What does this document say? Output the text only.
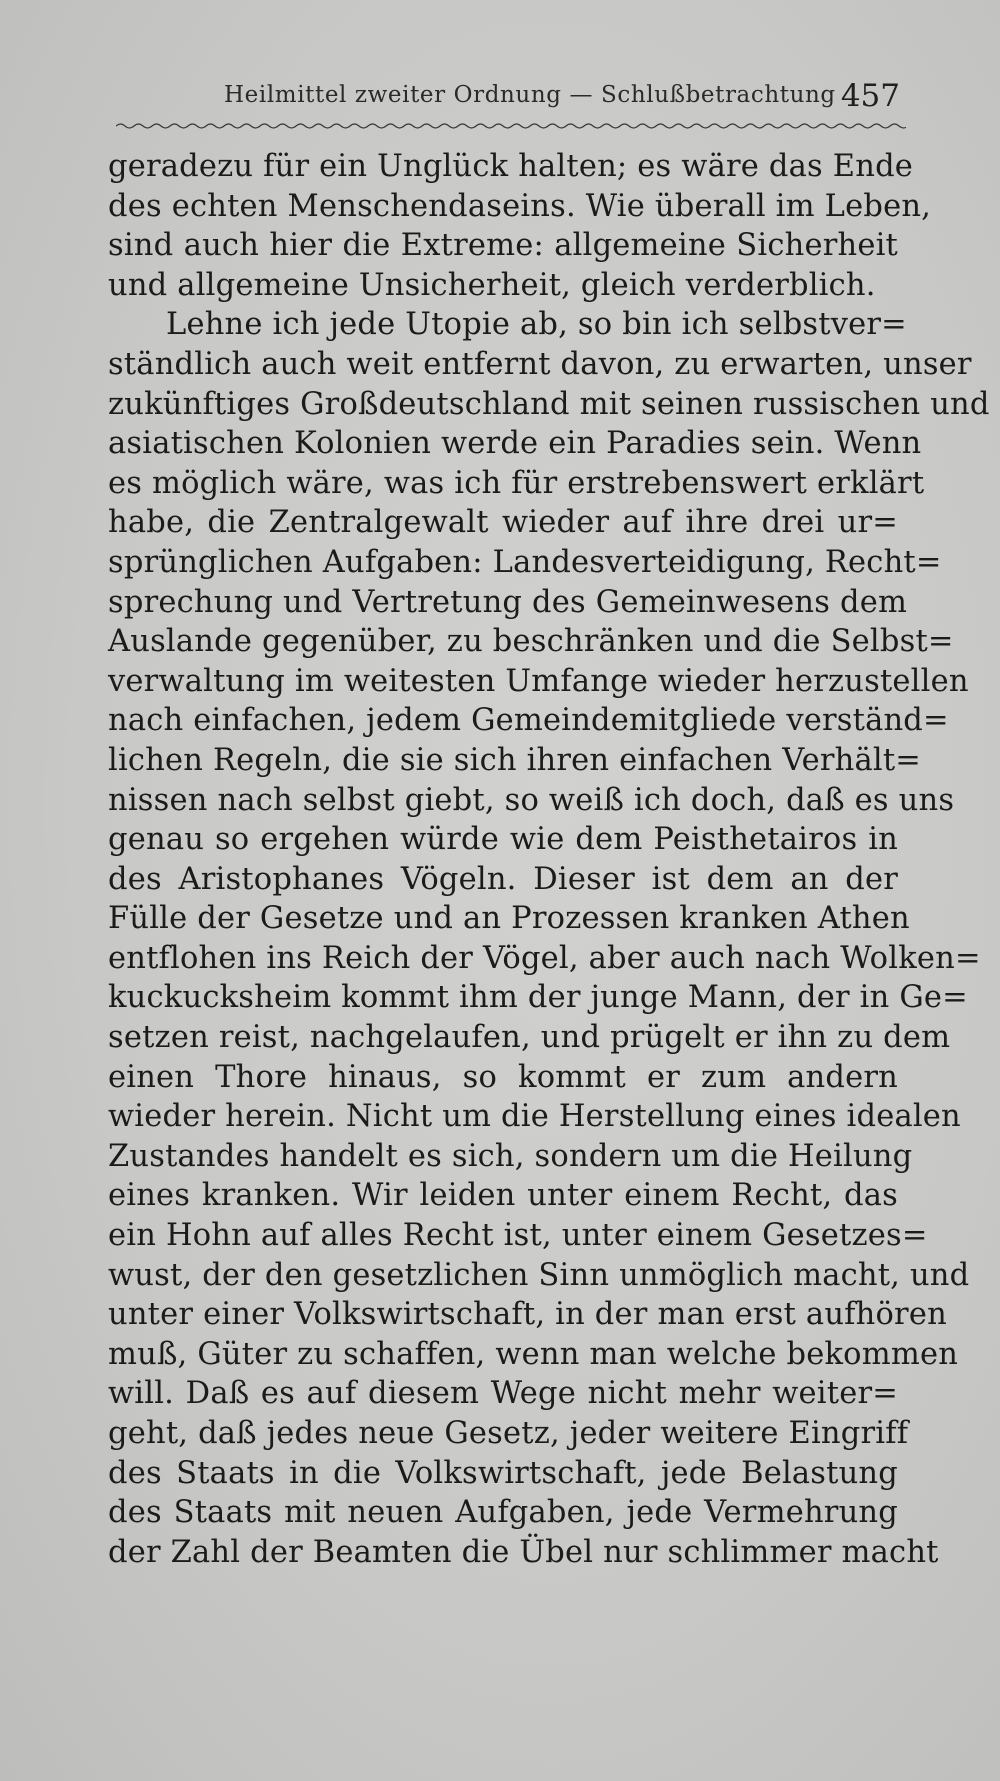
Heilmittel zweiter Ordnung — Schlußbetrachtung 457
geradezu für ein Unglück halten; es wäre das Ende
des echten Menschendaseins. Wie überall im Leben,
sind auch hier die Extreme: allgemeine Sicherheit
und allgemeine Unsicherheit, gleich verderblich.
Lehne ich jede Utopie ab, so bin ich selbstver=
ständlich auch weit entfernt davon, zu erwarten, unser
zukünftiges Großdeutschland mit seinen russischen und
asiatischen Kolonien werde ein Paradies sein. Wenn
es möglich wäre, was ich für erstrebenswert erklärt
habe, die Zentralgewalt wieder auf ihre drei ur=
sprünglichen Aufgaben: Landesverteidigung, Recht=
sprechung und Vertretung des Gemeinwesens dem
Auslande gegenüber, zu beschränken und die Selbst=
verwaltung im weitesten Umfange wieder herzustellen
nach einfachen, jedem Gemeindemitgliede verständ=
lichen Regeln, die sie sich ihren einfachen Verhält=
nissen nach selbst giebt, so weiß ich doch, daß es uns
genau so ergehen würde wie dem Peisthetairos in
des Aristophanes Vögeln. Dieser ist dem an der
Fülle der Gesetze und an Prozessen kranken Athen
entflohen ins Reich der Vögel, aber auch nach Wolken=
kuckucksheim kommt ihm der junge Mann, der in Ge=
setzen reist, nachgelaufen, und prügelt er ihn zu dem
einen Thore hinaus, so kommt er zum andern
wieder herein. Nicht um die Herstellung eines idealen
Zustandes handelt es sich, sondern um die Heilung
eines kranken. Wir leiden unter einem Recht, das
ein Hohn auf alles Recht ist, unter einem Gesetzes=
wust, der den gesetzlichen Sinn unmöglich macht, und
unter einer Volkswirtschaft, in der man erst aufhören
muß, Güter zu schaffen, wenn man welche bekommen
will. Daß es auf diesem Wege nicht mehr weiter=
geht, daß jedes neue Gesetz, jeder weitere Eingriff
des Staats in die Volkswirtschaft, jede Belastung
des Staats mit neuen Aufgaben, jede Vermehrung
der Zahl der Beamten die Übel nur schlimmer macht
